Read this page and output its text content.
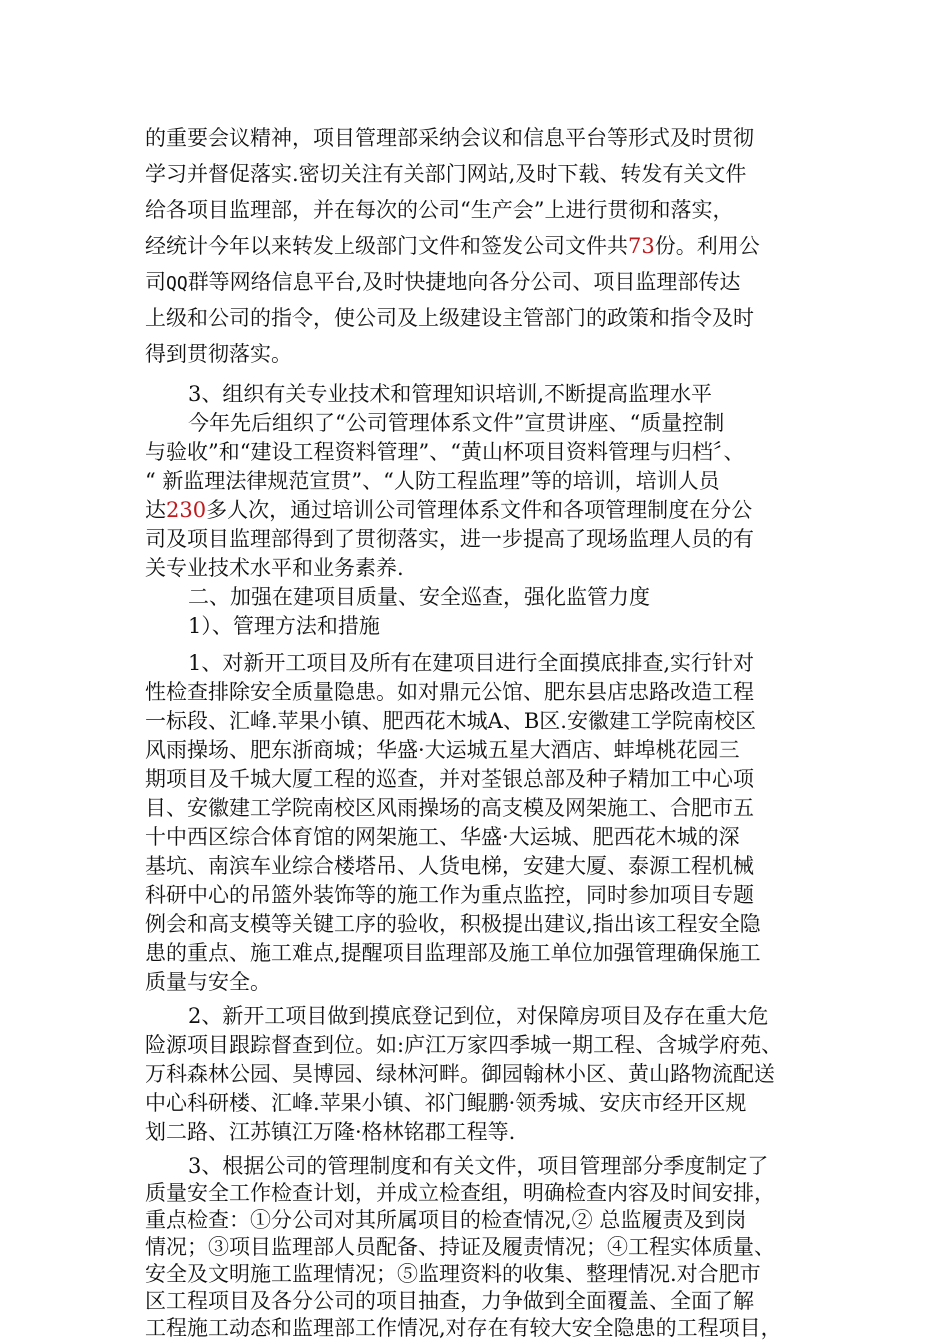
的重要会议精神，项目管理部采纳会议和信息平台等形式及时贯彻
学习并督促落实.密切关注有关部门网站,及时下载、转发有关文件
给各项目监理部，并在每次的公司“生产会”上进行贯彻和落实，
经统计今年以来转发上级部门文件和签发公司文件共73份。利用公
司QQ群等网络信息平台,及时快捷地向各分公司、项目监理部传达
上级和公司的指令，使公司及上级建设主管部门的政策和指令及时
得到贯彻落实。
3、组织有关专业技术和管理知识培训,不断提高监理水平
今年先后组织了“公司管理体系文件”宣贯讲座、“质量控制
与验收”和“建设工程资料管理”、“黄山杯项目资料管理与归档〞、
“ 新监理法律规范宣贯”、“人防工程监理”等的培训，培训人员
达230多人次，通过培训公司管理体系文件和各项管理制度在分公
司及项目监理部得到了贯彻落实，进一步提高了现场监理人员的有
关专业技术水平和业务素养.
二、加强在建项目质量、安全巡查，强化监管力度
1）、管理方法和措施
1、对新开工项目及所有在建项目进行全面摸底排查,实行针对
性检查排除安全质量隐患。如对鼎元公馆、肥东县店忠路改造工程
一标段、汇峰.苹果小镇、肥西花木城A、B区.安徽建工学院南校区
风雨操场、肥东浙商城；华盛·大运城五星大酒店、蚌埠桃花园三
期项目及千城大厦工程的巡查，并对荃银总部及种子精加工中心项
目、安徽建工学院南校区风雨操场的高支模及网架施工、合肥市五
十中西区综合体育馆的网架施工、华盛·大运城、肥西花木城的深
基坑、南滨车业综合楼塔吊、人货电梯，安建大厦、泰源工程机械
科研中心的吊篮外装饰等的施工作为重点监控，同时参加项目专题
例会和高支模等关键工序的验收，积极提出建议,指出该工程安全隐
患的重点、施工难点,提醒项目监理部及施工单位加强管理确保施工
质量与安全。
2、新开工项目做到摸底登记到位，对保障房项目及存在重大危
险源项目跟踪督查到位。如:庐江万家四季城一期工程、含城学府苑、
万科森林公园、昊博园、绿林河畔。御园翰林小区、黄山路物流配送
中心科研楼、汇峰.苹果小镇、祁门鲲鹏·领秀城、安庆市经开区规
划二路、江苏镇江万隆·格林铭郡工程等.
3、根据公司的管理制度和有关文件，项目管理部分季度制定了
质量安全工作检查计划，并成立检查组，明确检查内容及时间安排，
重点检查：①分公司对其所属项目的检查情况,② 总监履责及到岗
情况；③项目监理部人员配备、持证及履责情况；④工程实体质量、
安全及文明施工监理情况；⑤监理资料的收集、整理情况.对合肥市
区工程项目及各分公司的项目抽查，力争做到全面覆盖、全面了解
工程施工动态和监理部工作情况,对存在有较大安全隐患的工程项目，
